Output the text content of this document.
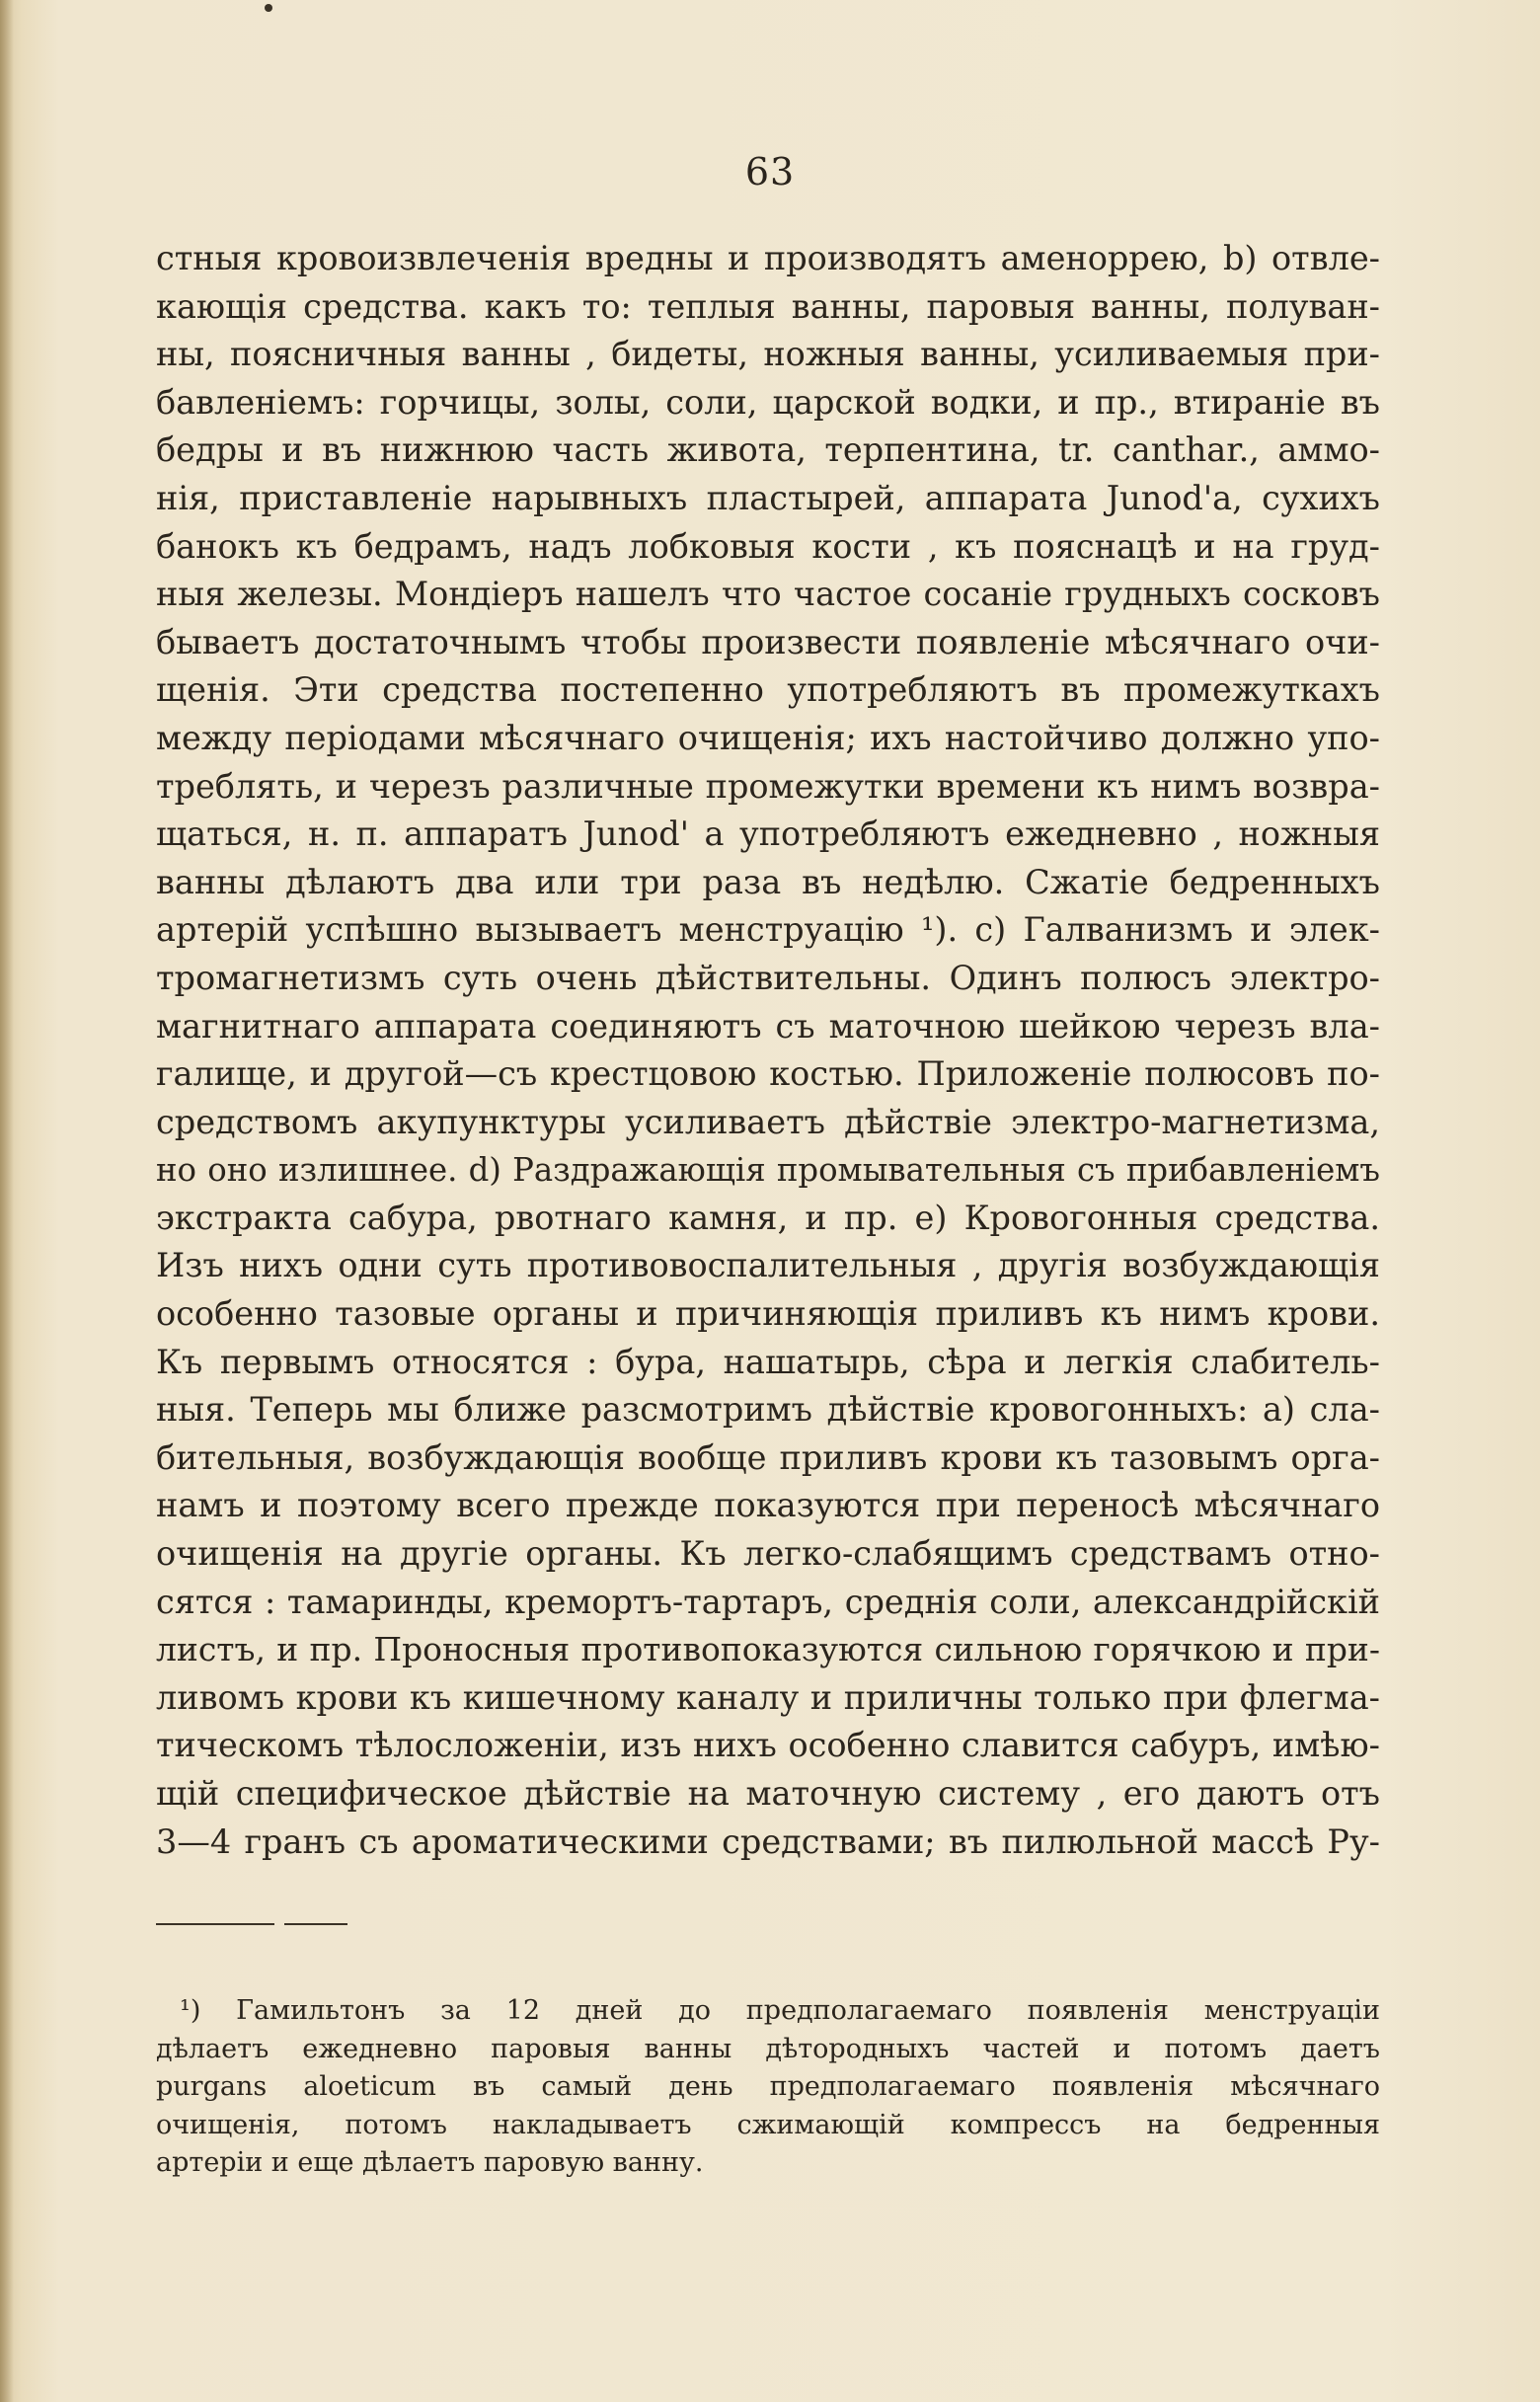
63
стныя кровоизвлеченія вредны и производятъ аменоррею, b) отвле-
кающія средства. какъ то: теплыя ванны, паровыя ванны, полуван-
ны, поясничныя ванны , бидеты, ножныя ванны, усиливаемыя при-
бавленіемъ: горчицы, золы, соли, царской водки, и пр., втираніе въ
бедры и въ нижнюю часть живота, терпентина, tr. canthar., аммо-
нія, приставленіе нарывныхъ пластырей, аппарата Junod'a, сухихъ
банокъ къ бедрамъ, надъ лобковыя кости , къ пояснацѣ и на груд-
ныя железы. Мондіеръ нашелъ что частое сосаніе грудныхъ сосковъ
бываетъ достаточнымъ чтобы произвести появленіе мѣсячнаго очи-
щенія. Эти средства постепенно употребляютъ въ промежуткахъ
между періодами мѣсячнаго очищенія; ихъ настойчиво должно упо-
треблять, и черезъ различные промежутки времени къ нимъ возвра-
щаться, н. п. аппаратъ Junod' а употребляютъ ежедневно , ножныя
ванны дѣлаютъ два или три раза въ недѣлю. Сжатіе бедренныхъ
артерій успѣшно вызываетъ менструацію ¹). c) Галванизмъ и элек-
тромагнетизмъ суть очень дѣйствительны. Одинъ полюсъ электро-
магнитнаго аппарата соединяютъ съ маточною шейкою черезъ вла-
галище, и другой—съ крестцовою костью. Приложеніе полюсовъ по-
средствомъ акупунктуры усиливаетъ дѣйствіе электро-магнетизма,
но оно излишнее. d) Раздражающія промывательныя съ прибавленіемъ
экстракта сабура, рвотнаго камня, и пр. e) Кровогонныя средства.
Изъ нихъ одни суть противовоспалительныя , другія возбуждающія
особенно тазовые органы и причиняющія приливъ къ нимъ крови.
Къ первымъ относятся : бура, нашатырь, сѣра и легкія слабитель-
ныя. Теперь мы ближе разсмотримъ дѣйствіе кровогонныхъ: a) сла-
бительныя, возбуждающія вообще приливъ крови къ тазовымъ орга-
намъ и поэтому всего прежде показуются при переносѣ мѣсячнаго
очищенія на другіе органы. Къ легко-слабящимъ средствамъ отно-
сятся : тамаринды, кремортъ-тартаръ, среднія соли, александрійскій
листъ, и пр. Проносныя противопоказуются сильною горячкою и при-
ливомъ крови къ кишечному каналу и приличны только при флегма-
тическомъ тѣлосложеніи, изъ нихъ особенно славится сабуръ, имѣю-
щій специфическое дѣйствіе на маточную систему , его даютъ отъ
3—4 гранъ съ ароматическими средствами; въ пилюльной массѣ Ру-
¹) Гамильтонъ за 12 дней до предполагаемаго появленія менструаціи
дѣлаетъ ежедневно паровыя ванны дѣтородныхъ частей и потомъ даетъ
purgans aloeticum въ самый день предполагаемаго появленія мѣсячнаго
очищенія, потомъ накладываетъ сжимающій компрессъ на бедренныя
артеріи и еще дѣлаетъ паровую ванну.
